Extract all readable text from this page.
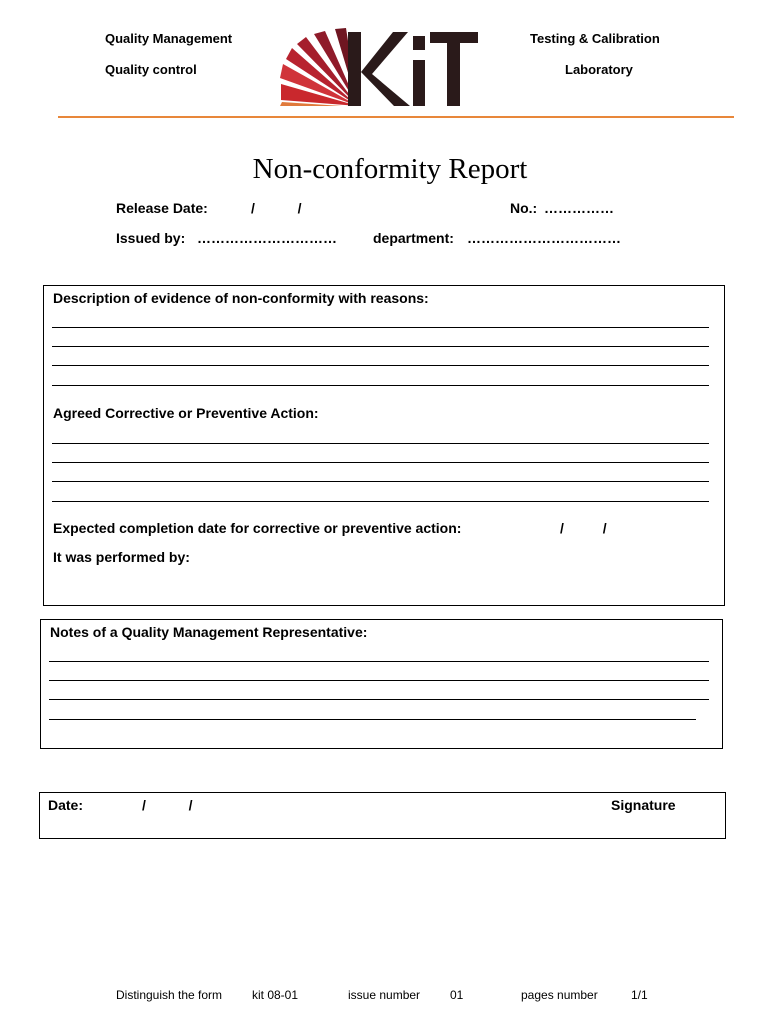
Quality Management
Quality control
Testing & Calibration
Laboratory
KIT
Non-conformity Report
Release Date:	/           /	No.: ……………
Issued by: …………………………	department: ……………………………
Description of evidence of non-conformity with reasons:
Agreed Corrective or Preventive Action:
Expected completion date for corrective or preventive action:	/          /
It was performed by:
Notes of a Quality Management Representative:
Date:	/           /	Signature
Distinguish the form kit 08-01	issue number 01	pages number	1/1
